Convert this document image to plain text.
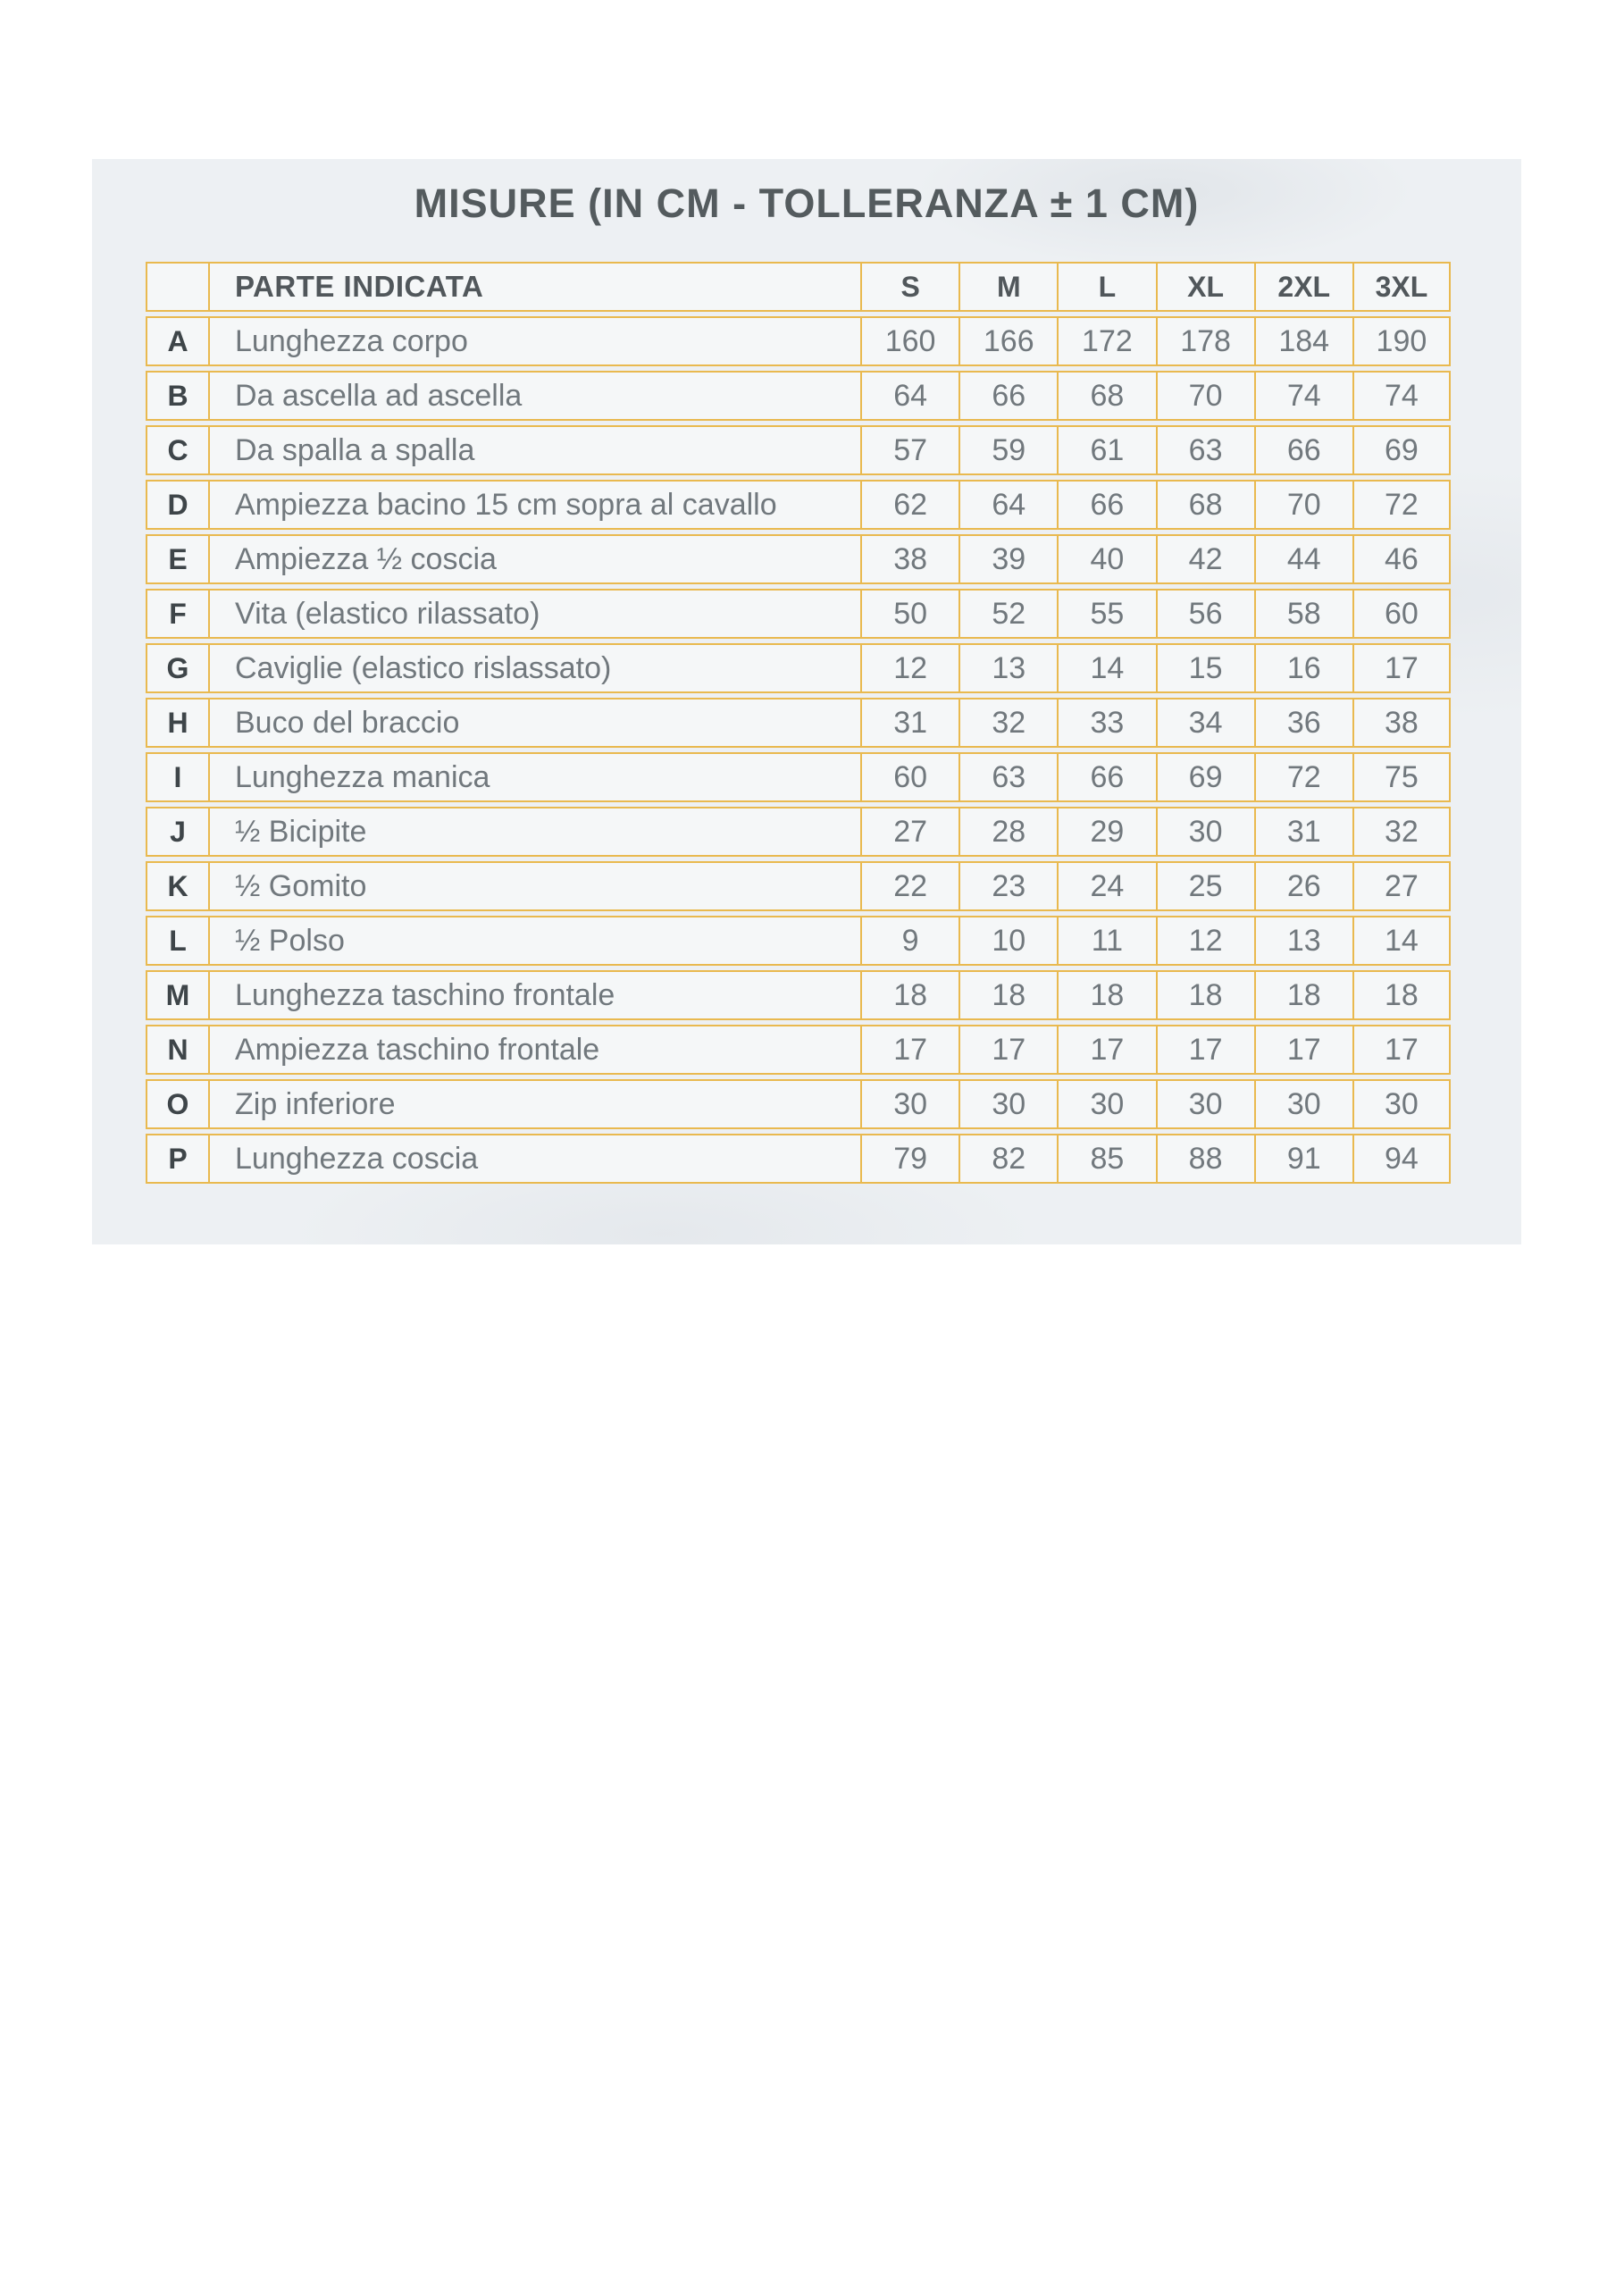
MISURE (IN CM - TOLLERANZA ± 1 CM)
	PARTE INDICATA	S	M	L	XL	2XL	3XL
A	Lunghezza corpo	160	166	172	178	184	190
B	Da ascella ad ascella	64	66	68	70	74	74
C	Da spalla a spalla	57	59	61	63	66	69
D	Ampiezza bacino 15 cm sopra al cavallo	62	64	66	68	70	72
E	Ampiezza ½ coscia	38	39	40	42	44	46
F	Vita (elastico rilassato)	50	52	55	56	58	60
G	Caviglie (elastico rislassato)	12	13	14	15	16	17
H	Buco del braccio	31	32	33	34	36	38
I	Lunghezza manica	60	63	66	69	72	75
J	½ Bicipite	27	28	29	30	31	32
K	½ Gomito	22	23	24	25	26	27
L	½ Polso	9	10	11	12	13	14
M	Lunghezza taschino frontale	18	18	18	18	18	18
N	Ampiezza taschino frontale	17	17	17	17	17	17
O	Zip inferiore	30	30	30	30	30	30
P	Lunghezza coscia	79	82	85	88	91	94
